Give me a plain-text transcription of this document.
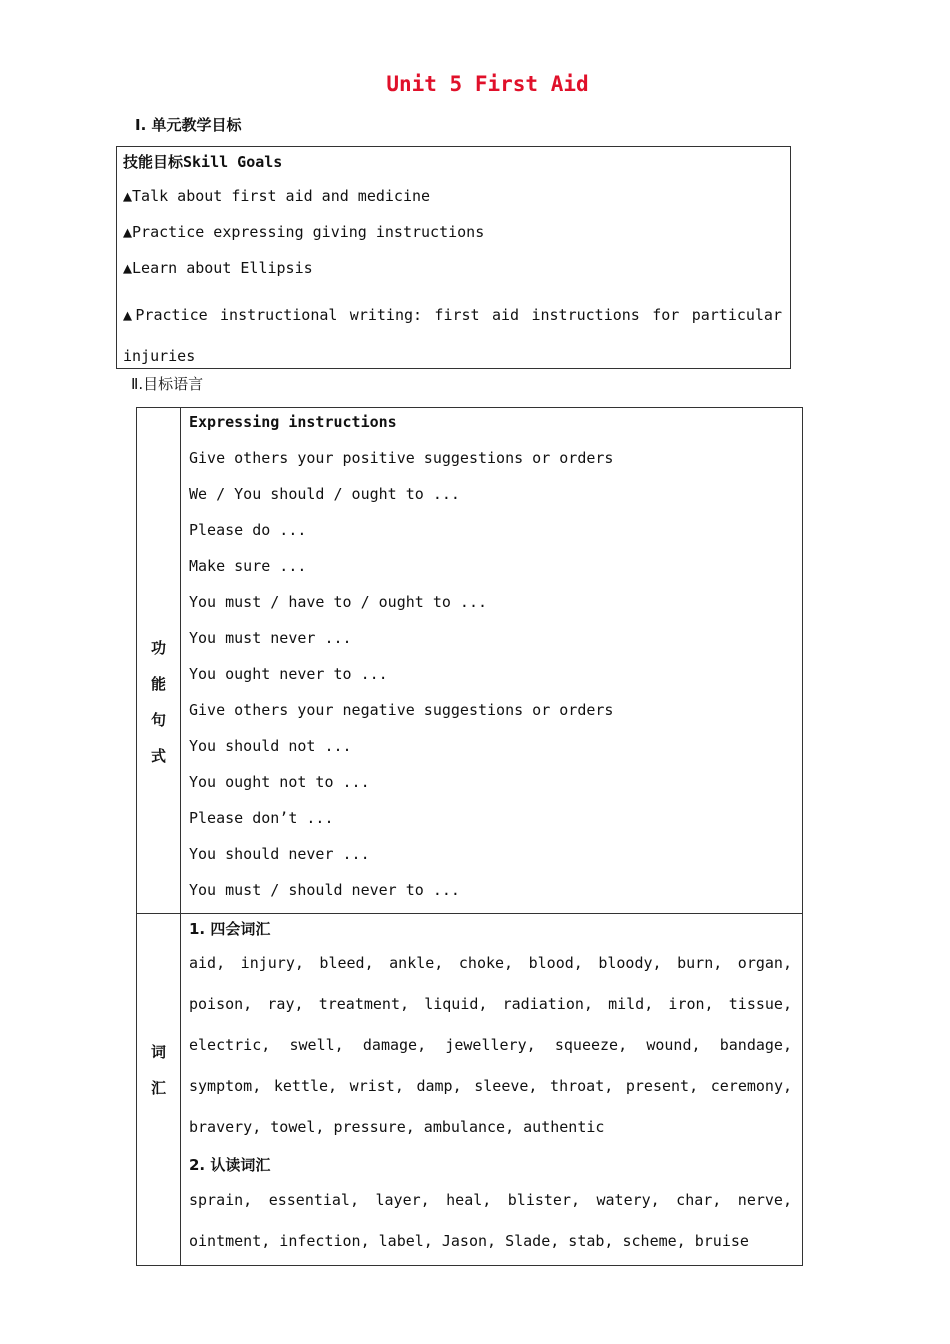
Unit 5 First Aid
Ⅰ. 单元教学目标
技能目标Skill Goals
▲Talk about first aid and medicine
▲Practice expressing giving instructions
▲Learn about Ellipsis
▲Practice instructional writing: first aid instructions for particular injuries
Ⅱ.目标语言
功
能
句
式
Expressing instructions
Give others your positive suggestions or orders
We / You should / ought to ...
Please do ...
Make sure ...
You must / have to / ought to ...
You must never ...
You ought never to ...
Give others your negative suggestions or orders
You should not ...
You ought not to ...
Please don’t ...
You should never ...
You must / should never to ...
词
汇
1. 四会词汇
aid, injury, bleed, ankle, choke, blood, bloody, burn, organ, poison, ray, treatment, liquid, radiation, mild, iron, tissue, electric, swell, damage, jewellery, squeeze, wound, bandage, symptom, kettle, wrist, damp, sleeve, throat, present, ceremony, bravery, towel, pressure, ambulance, authentic
2. 认读词汇
sprain, essential, layer, heal, blister, watery, char, nerve, ointment, infection, label, Jason, Slade, stab, scheme, bruise
